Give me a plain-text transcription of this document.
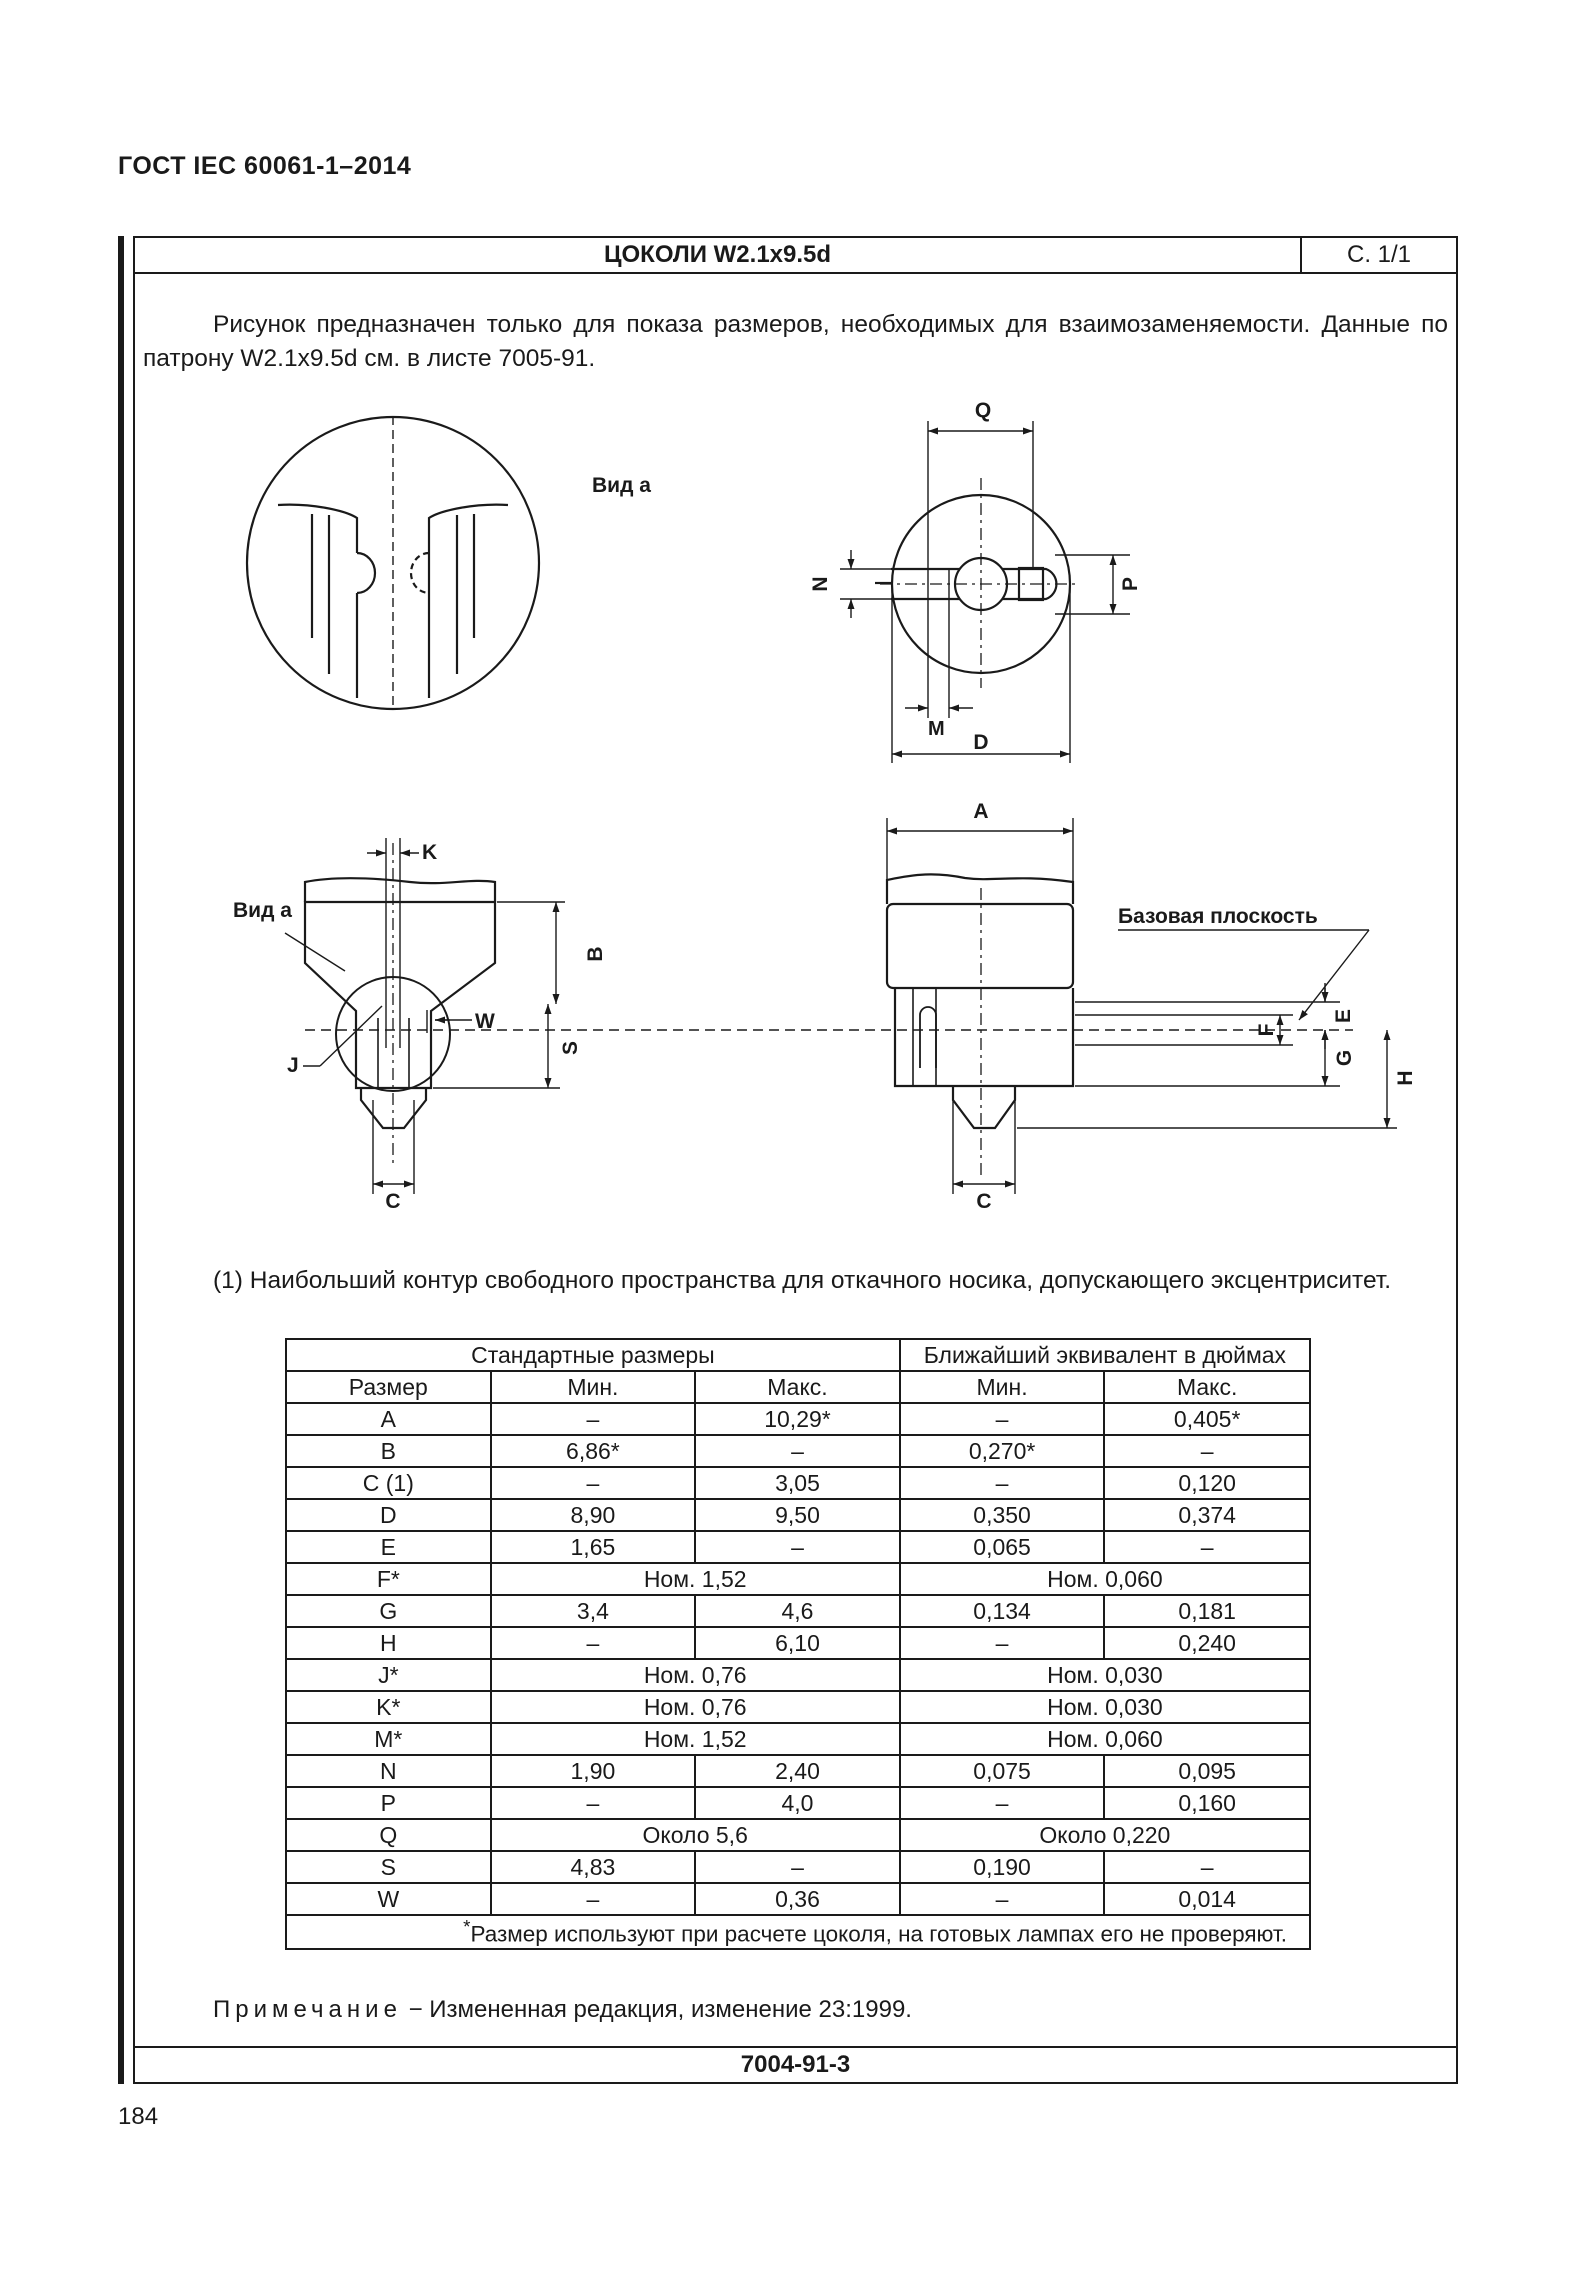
ГОСТ IEC 60061-1–2014
ЦОКОЛИ W2.1x9.5d	С. 1/1
Рисунок предназначен только для показа размеров, необходимых для взаимозаменяемости. Данные по патрону W2.1x9.5d см. в листе 7005-91.
Вид а
Q
N	P
M
D
A
K
Вид а
B
S
W
J
C	C
Базовая плоскость
E
F
G
H
(1) Наибольший контур свободного пространства для откачного носика, допускающего эксцентриситет.
Стандартные размеры			Ближайший эквивалент в дюймах	
Размер	Мин.	Макс.	Мин.	Макс.
A	–	10,29*	–	0,405*
B	6,86*	–	0,270*	–
C (1)	–	3,05	–	0,120
D	8,90	9,50	0,350	0,374
E	1,65	–	0,065	–
F*	Ном. 1,52		Ном. 0,060	
G	3,4	4,6	0,134	0,181
H	–	6,10	–	0,240
J*	Ном. 0,76		Ном. 0,030	
K*	Ном. 0,76		Ном. 0,030	
M*	Ном. 1,52		Ном. 0,060	
N	1,90	2,40	0,075	0,095
P	–	4,0	–	0,160
Q	Около 5,6		Около 0,220	
S	4,83	–	0,190	–
W	–	0,36	–	0,014
*Размер используют при расчете цоколя, на готовых лампах его не проверяют.				
Примечание − Измененная редакция, изменение 23:1999.
7004-91-3
184
